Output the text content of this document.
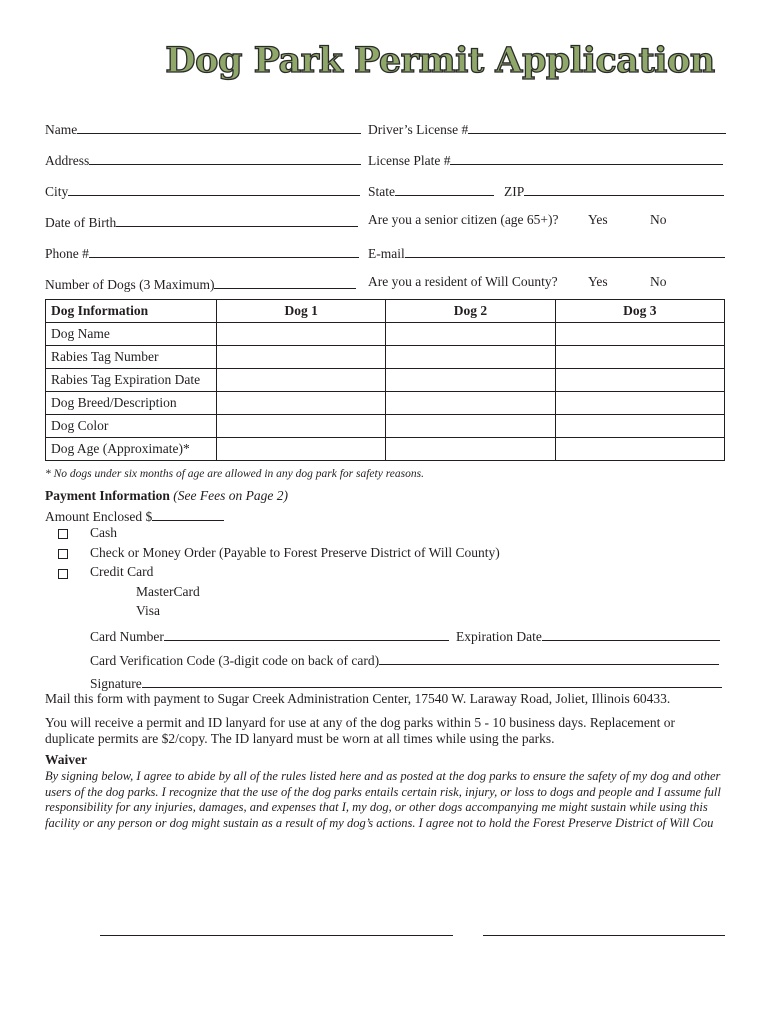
Dog Park Permit Application
Name	Driver’s License #
Address	License Plate #
City	State	ZIP
Date of Birth	Are you a senior citizen (age 65+)? Yes	No
Phone #	E-mail
Number of Dogs (3 Maximum)	Are you a resident of Will County? Yes	No
Dog Information	Dog 1	Dog 2	Dog 3
Dog Name			
Rabies Tag Number			
Rabies Tag Expiration Date			
Dog Breed/Description			
Dog Color			
Dog Age (Approximate)*			
* No dogs under six months of age are allowed in any dog park for safety reasons.
Payment Information (See Fees on Page 2)
Amount Enclosed $
Cash
Check or Money Order (Payable to Forest Preserve District of Will County)
Credit Card
MasterCard
Visa
Card Number	Expiration Date
Card Verification Code (3-digit code on back of card)
Signature
Mail this form with payment to Sugar Creek Administration Center, 17540 W. Laraway Road, Joliet, Illinois 60433.
You will receive a permit and ID lanyard for use at any of the dog parks within 5 - 10 business days. Replacement or duplicate permits are $2/copy. The ID lanyard must be worn at all times while using the parks.
Waiver
By signing below, I agree to abide by all of the rules listed here and as posted at the dog parks to ensure the safety of my dog and other users of the dog parks. I recognize that the use of the dog parks entails certain risk, injury, or loss to dogs and people and I assume full responsibility for any injuries, damages, and expenses that I, my dog, or other dogs accompanying me might sustain while using this facility or any person or dog might sustain as a result of my dog’s actions. I agree not to hold the Forest Preserve District of Will Cou
